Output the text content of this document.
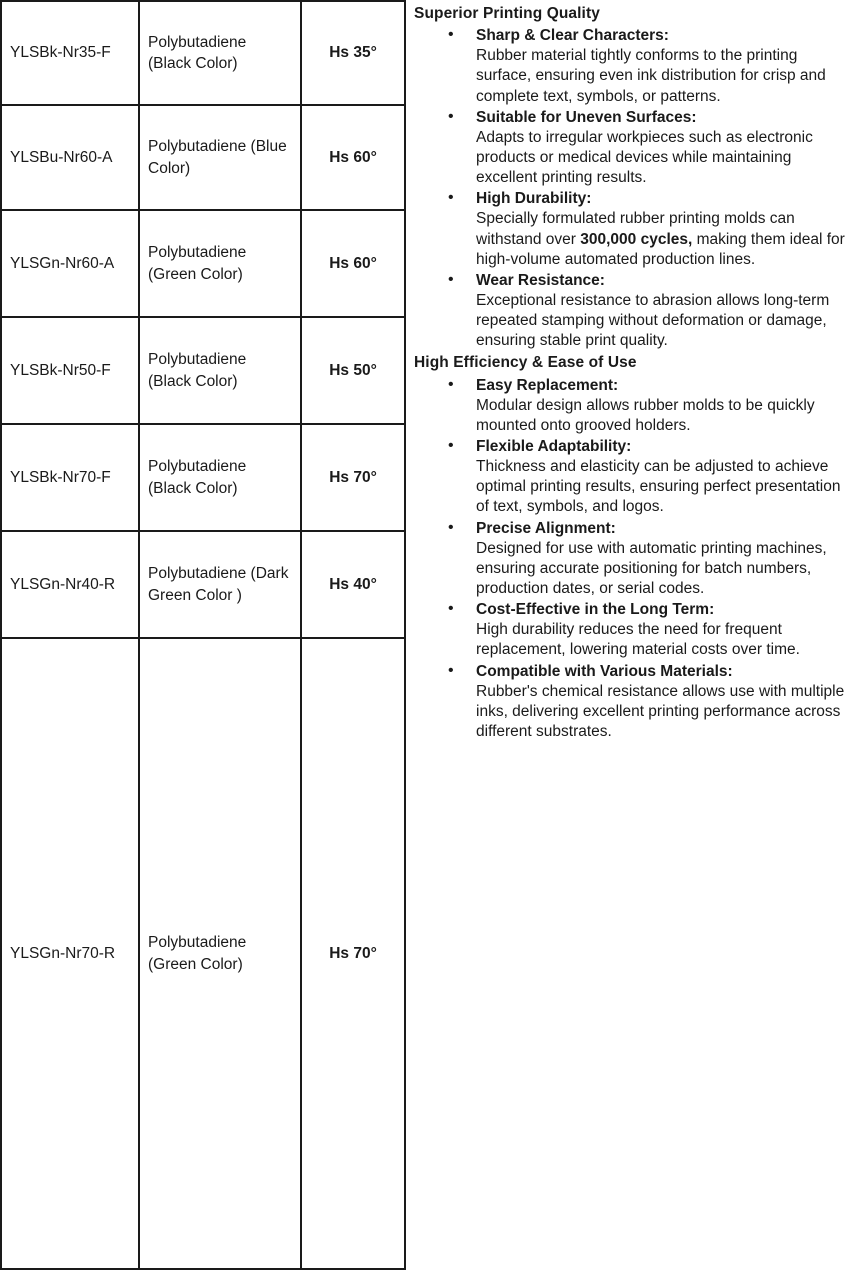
YLSBk-Nr35-F	Polybutadiene (Black Color)	Hs 35°
YLSBu-Nr60-A	Polybutadiene (Blue Color)	Hs 60°
YLSGn-Nr60-A	Polybutadiene (Green Color)	Hs 60°
YLSBk-Nr50-F	Polybutadiene (Black Color)	Hs 50°
YLSBk-Nr70-F	Polybutadiene (Black Color)	Hs 70°
YLSGn-Nr40-R	Polybutadiene (Dark Green Color )	Hs 40°
YLSGn-Nr70-R	Polybutadiene (Green Color)	Hs 70°

Superior Printing Quality

• Sharp & Clear Characters:
Rubber material tightly conforms to the printing surface, ensuring even ink distribution for crisp and complete text, symbols, or patterns.
• Suitable for Uneven Surfaces:
Adapts to irregular workpieces such as electronic products or medical devices while maintaining excellent printing results.
• High Durability:
Specially formulated rubber printing molds can withstand over 300,000 cycles, making them ideal for high-volume automated production lines.
• Wear Resistance:
Exceptional resistance to abrasion allows long-term repeated stamping without deformation or damage, ensuring stable print quality.

High Efficiency & Ease of Use

• Easy Replacement:
Modular design allows rubber molds to be quickly mounted onto grooved holders.
• Flexible Adaptability:
Thickness and elasticity can be adjusted to achieve optimal printing results, ensuring perfect presentation of text, symbols, and logos.
• Precise Alignment:
Designed for use with automatic printing machines, ensuring accurate positioning for batch numbers, production dates, or serial codes.
• Cost-Effective in the Long Term:
High durability reduces the need for frequent replacement, lowering material costs over time.
• Compatible with Various Materials:
Rubber's chemical resistance allows use with multiple inks, delivering excellent printing performance across different substrates.
